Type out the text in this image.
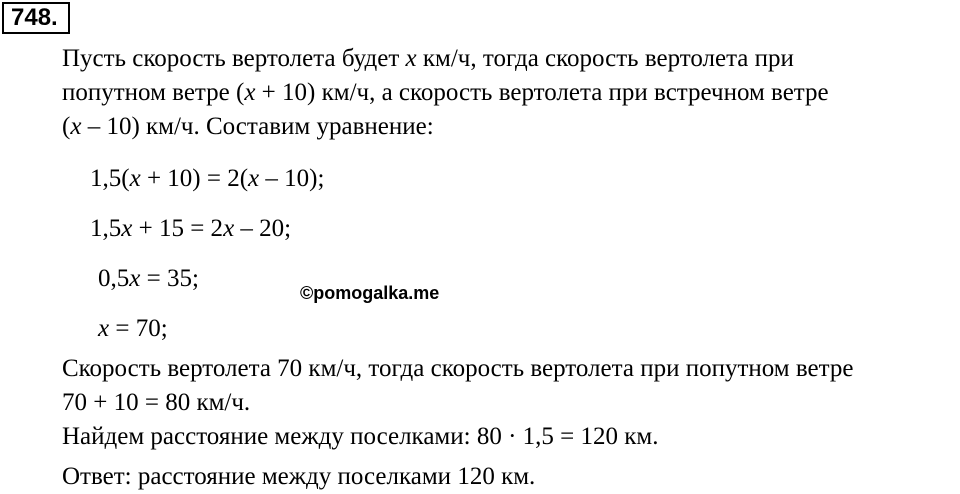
748.
Пусть скорость вертолета будет x км/ч, тогда скорость вертолета при
попутном ветре (x + 10) км/ч, а скорость вертолета при встречном ветре
(x – 10) км/ч. Составим уравнение:
1,5(x + 10) = 2(x – 10);
1,5x + 15 = 2x – 20;
0,5x = 35;
x = 70;
©pomogalka.me
Скорость вертолета 70 км/ч, тогда скорость вертолета при попутном ветре
70 + 10 = 80 км/ч.
Найдем расстояние между поселками: 80 · 1,5 = 120 км.
Ответ: расстояние между поселками 120 км.
